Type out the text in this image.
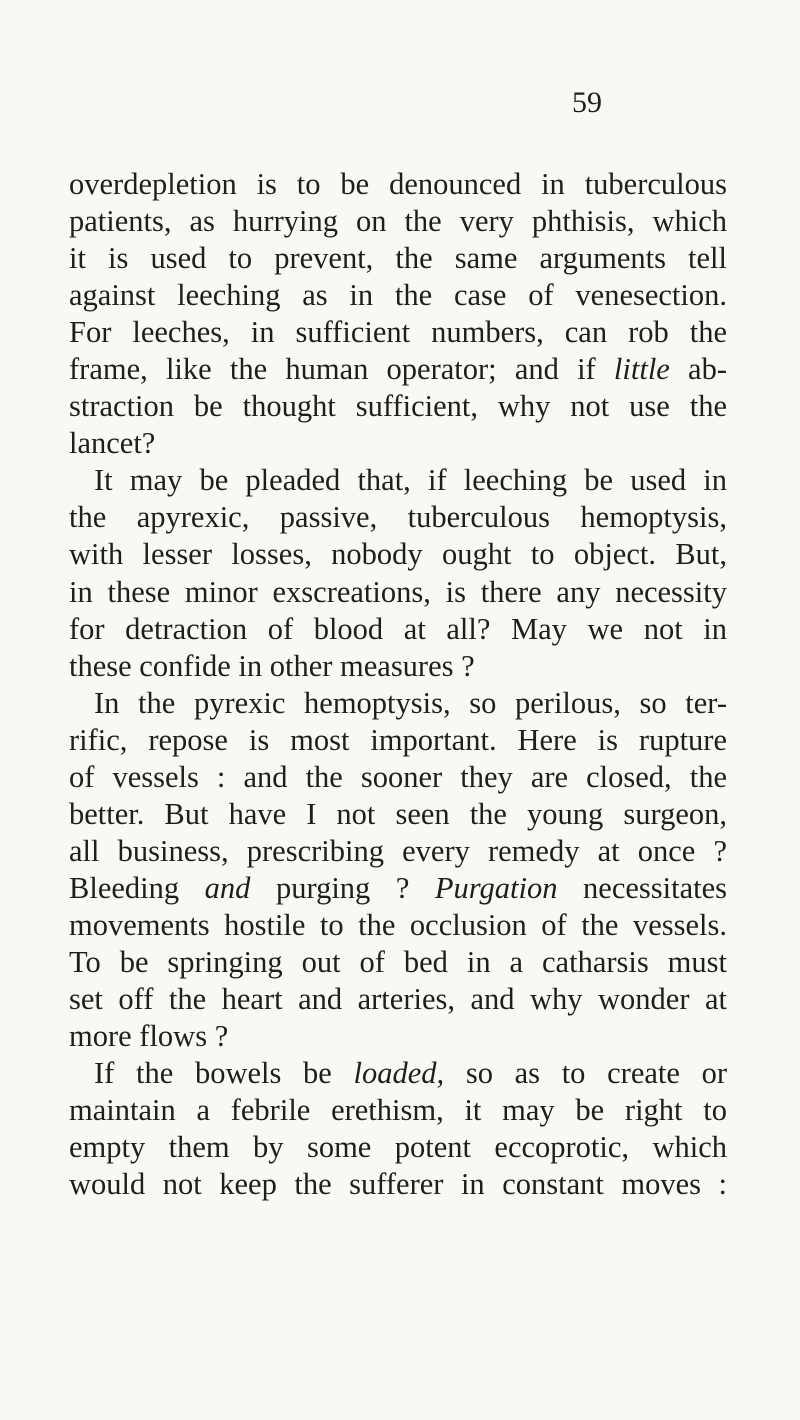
59
overdepletion is to be denounced in tuberculous
patients, as hurrying on the very phthisis, which
it is used to prevent, the same arguments tell
against leeching as in the case of venesection.
For leeches, in sufficient numbers, can rob the
frame, like the human operator; and if little ab-
straction be thought sufficient, why not use the
lancet?
It may be pleaded that, if leeching be used in
the apyrexic, passive, tuberculous hemoptysis,
with lesser losses, nobody ought to object. But,
in these minor exscreations, is there any necessity
for detraction of blood at all? May we not in
these confide in other measures ?
In the pyrexic hemoptysis, so perilous, so ter-
rific, repose is most important. Here is rupture
of vessels : and the sooner they are closed, the
better. But have I not seen the young surgeon,
all business, prescribing every remedy at once ?
Bleeding and purging ? Purgation necessitates
movements hostile to the occlusion of the vessels.
To be springing out of bed in a catharsis must
set off the heart and arteries, and why wonder at
more flows ?
If the bowels be loaded, so as to create or
maintain a febrile erethism, it may be right to
empty them by some potent eccoprotic, which
would not keep the sufferer in constant moves :
